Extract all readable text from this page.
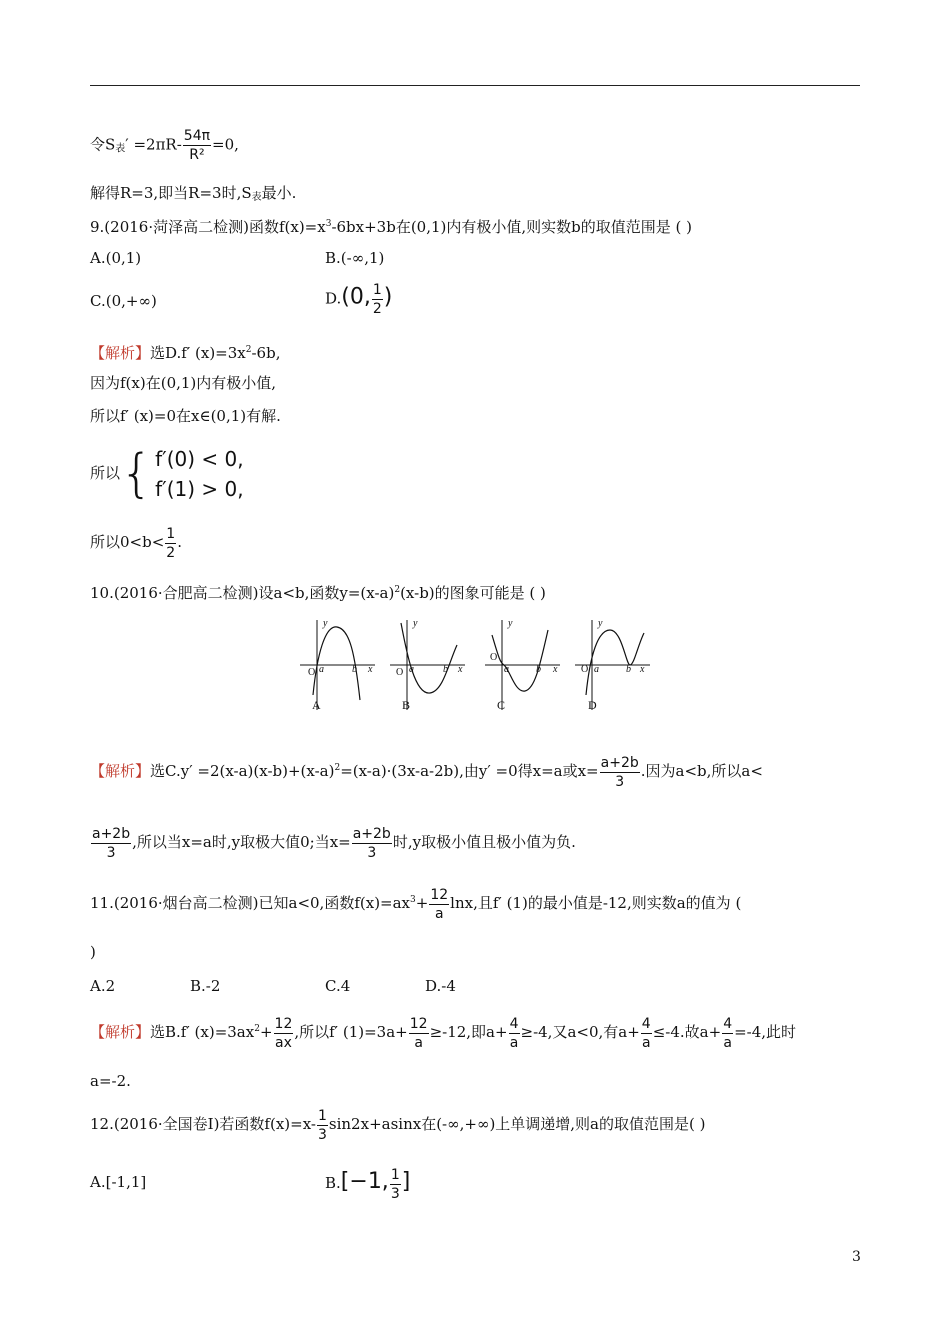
令$S_表' =2\pi R- \frac{54\pi}{\text{R²}} =0$,
解得R=3,即当R=3时$,S_表$最小.
9.(2016·菏泽高二检测)函数$f(x)=x^3-6bx+3b$在(0,1)内有极小值,则实数b的取值范围是 ( )
A.(0,1)	B.(-∞,1)
C.(0,+∞)	D.(0, $\frac{1}{2}$ )
【解析】选D.f′ $(x)=3x^2-6b$,
因为f(x)在(0,1)内有极小值,
所以f′ (x)=0在x∈(0,1)有解.
所以 { f′(0) < 0,
f′(1) > 0,
所以$0<b< \frac{1}{2}$ .
10.(2016·合肥高二检测)设a<b,函数$y=(x-a)^2(x-b)$的图象可能是 ( )
y
O a	b x
y
O a	b x
y
O
a	b x
y
O a	b x
A	B	C	D
【解析】选$C.y' =2(x-a)(x-b)+(x-a)^2=(x-a)\cdot(3x-a-2b)$,由y′ =0得x=a或$x= \frac{a+2b}{3}$ .因为a<b,所以a<
$\frac{a+2b}{3}$ ,所以当x=a时,y取极大值0;当$x= \frac{a+2b}{3}$ 时,y取极小值且极小值为负.
11.(2016·烟台高二检测)已知a<0,函数$f(x)=ax^3+ \frac{12}{a} \ln x$,且f′ (1)的最小值是-12,则实数a的值为 (
)
A.2	B.-2	C.4	D.-4
【解析】选B.f′ $(x)=3ax^2+ \frac{12}{ax}$ ,所以f′ $(1)=3a+ \frac{12}{a} \ge-12$,即$a+ \frac{4}{a} \ge-4$,又a<0,有$a+ \frac{4}{a} \le-4$.故$a+ \frac{4}{a} =-4$,此时
a=-2.
12.(2016·全国卷Ⅰ)若函数$f(x)=x- \frac{1}{3} \sin 2x+asinx$在(-∞,+∞)上单调递增,则a的取值范围是( )
A.[-1,1]	B.[−1, $\frac{1}{3}$ ]
3
